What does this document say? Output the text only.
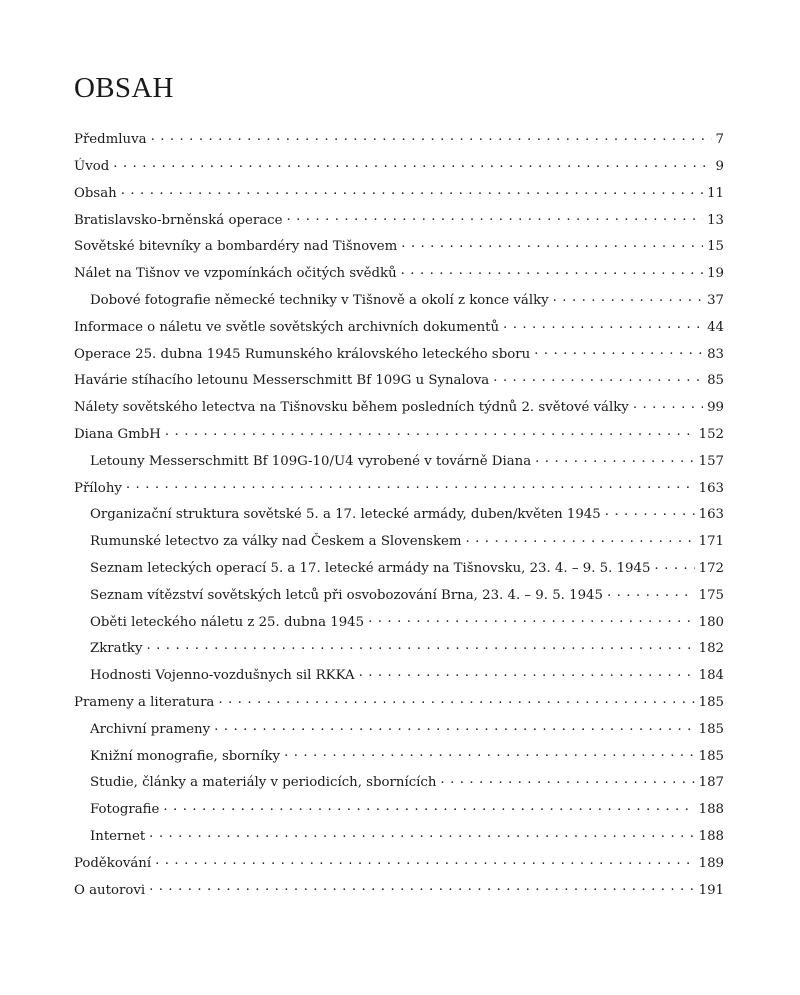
OBSAH
Předmluva . . .	7
Úvod . . .	9
Obsah . . .	11
Bratislavsko-brněnská operace . . .	13
Sovětské bitevníky a bombardéry nad Tišnovem . . .	15
Nálet na Tišnov ve vzpomínkách očitých svědků . . .	19
Dobové fotografie německé techniky v Tišnově a okolí z konce války . . .	37
Informace o náletu ve světle sovětských archivních dokumentů . . .	44
Operace 25. dubna 1945 Rumunského královského leteckého sboru . . .	83
Havárie stíhacího letounu Messerschmitt Bf 109G u Synalova . . .	85
Nálety sovětského letectva na Tišnovsku během posledních týdnů 2. světové války . . .	99
Diana GmbH . . .	152
Letouny Messerschmitt Bf 109G-10/U4 vyrobené v továrně Diana . . .	157
Přílohy . . .	163
Organizační struktura sovětské 5. a 17. letecké armády, duben/květen 1945 . . .	163
Rumunské letectvo za války nad Českem a Slovenskem . . .	171
Seznam leteckých operací 5. a 17. letecké armády na Tišnovsku, 23. 4. – 9. 5. 1945 . . .	172
Seznam vítězství sovětských letců při osvobozování Brna, 23. 4. – 9. 5. 1945 . . .	175
Oběti leteckého náletu z 25. dubna 1945 . . .	180
Zkratky . . .	182
Hodnosti Vojenno-vozdušnych sil RKKA . . .	184
Prameny a literatura . . .	185
Archivní prameny . . .	185
Knižní monografie, sborníky . . .	185
Studie, články a materiály v periodicích, sbornících . . .	187
Fotografie . . .	188
Internet . . .	188
Poděkování . . .	189
O autorovi . . .	191
